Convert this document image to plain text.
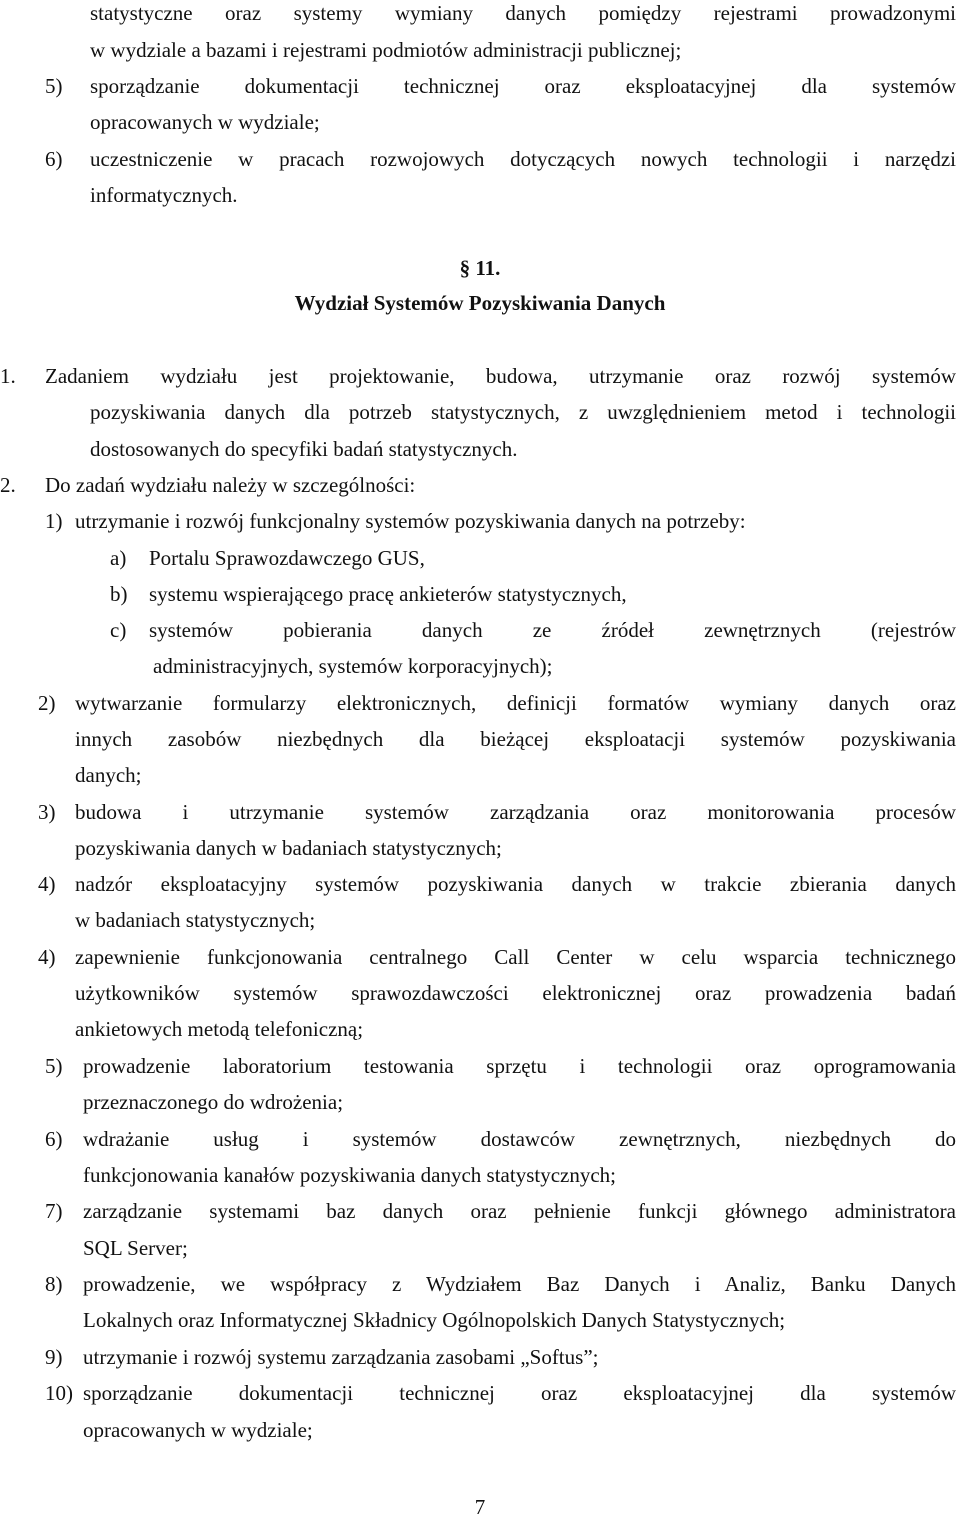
statystyczne oraz systemy wymiany danych pomiędzy rejestrami prowadzonymi
w wydziale a bazami i rejestrami podmiotów administracji publicznej;
5) sporządzanie dokumentacji technicznej oraz eksploatacyjnej dla systemów
opracowanych w wydziale;
6) uczestniczenie w pracach rozwojowych dotyczących nowych technologii i narzędzi
informatycznych.
§ 11.
Wydział Systemów Pozyskiwania Danych
1. Zadaniem wydziału jest projektowanie, budowa, utrzymanie oraz rozwój systemów
pozyskiwania danych dla potrzeb statystycznych, z uwzględnieniem metod i technologii
dostosowanych do specyfiki badań statystycznych.
2. Do zadań wydziału należy w szczególności:
1) utrzymanie i rozwój funkcjonalny systemów pozyskiwania danych na potrzeby:
a) Portalu Sprawozdawczego GUS,
b) systemu wspierającego pracę ankieterów statystycznych,
c) systemów pobierania danych ze źródeł zewnętrznych (rejestrów
administracyjnych, systemów korporacyjnych);
2) wytwarzanie formularzy elektronicznych, definicji formatów wymiany danych oraz
innych zasobów niezbędnych dla bieżącej eksploatacji systemów pozyskiwania
danych;
3) budowa i utrzymanie systemów zarządzania oraz monitorowania procesów
pozyskiwania danych w badaniach statystycznych;
4) nadzór eksploatacyjny systemów pozyskiwania danych w trakcie zbierania danych
w badaniach statystycznych;
4) zapewnienie funkcjonowania centralnego Call Center w celu wsparcia technicznego
użytkowników systemów sprawozdawczości elektronicznej oraz prowadzenia badań
ankietowych metodą telefoniczną;
5) prowadzenie laboratorium testowania sprzętu i technologii oraz oprogramowania
przeznaczonego do wdrożenia;
6) wdrażanie usług i systemów dostawców zewnętrznych, niezbędnych do
funkcjonowania kanałów pozyskiwania danych statystycznych;
7) zarządzanie systemami baz danych oraz pełnienie funkcji głównego administratora
SQL Server;
8) prowadzenie, we współpracy z Wydziałem Baz Danych i Analiz, Banku Danych
Lokalnych oraz Informatycznej Składnicy Ogólnopolskich Danych Statystycznych;
9) utrzymanie i rozwój systemu zarządzania zasobami „Softus”;
10) sporządzanie dokumentacji technicznej oraz eksploatacyjnej dla systemów
opracowanych w wydziale;
7
